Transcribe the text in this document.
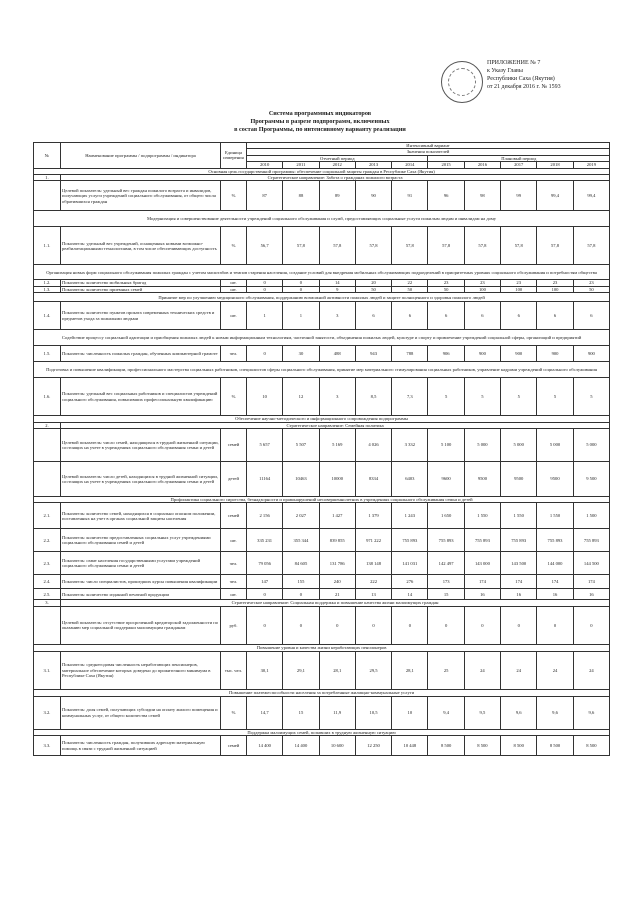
ПРИЛОЖЕНИЕ № 7
к Указу Главы
Республики Саха (Якутия)
от 21 декабря 2016 г. № 1593
Система программных индикаторов
Программы в разрезе подпрограмм, включенных
в состав Программы, по интенсивному варианту реализации
№	Наименование программы / подпрограммы / индикатора	Единица измерения	Интенсивный вариант									
			Значения показателей									
			Отчетный период					Плановый период				
			2010	2011	2012	2013	2014	2015	2016	2017	2018	2019
Основная цель государственной программы: обеспечение социальной защиты граждан в Республике Саха (Якутия)												
1.	Стратегическое направление: Забота о гражданах пожилого возраста											
	Целевой показатель: удельный вес граждан пожилого возраста и инвалидов, получающих услуги учреждений социального обслуживания, от общего числа обратившихся граждан	%	87	88	89	90	91	96	98	99	99,4	99,4
Модернизация и совершенствование деятельности учреждений социального обслуживания и служб, предоставляющих социальные услуги пожилым людям и инвалидам на дому												
1.1.	Показатель: удельный вес учреждений, оснащенных новыми возможно-реабилитационными технологиями, в том числе обеспечивающих доступность	%	56,7	57,8	57,8	57,8	57,8	57,8	57,8	57,8	57,8	57,8
Организация новых форм социального обслуживания пожилых граждан с учетом масштабов и темпов старения населения, создание условий для внедрения мобильных обслуживающих подразделений в приоритетных уровнях социального обслуживания и потребностям общества												
1.2.	Показатель: количество мобильных бригад	шт.	0	0	14	20	22	23	23	23	23	23
1.3.	Показатель: количество приемных семей	шт.	0	0	9	50	50	50	100	100	100	50
Принятие мер по улучшению медицинского обслуживания, поддержанию возможной активности пожилых людей и защите полноценного и здоровья пожилого людей												
1.4.	Показатель: количество пунктов проката современных технических средств и предметов ухода за пожилыми людьми	шт.	1	1	3	6	6	6	6	6	6	6
Содействие процессу социальной адаптации и приобщения пожилых людей к новым информационным технологиям, частичной занятости, объединения пожилых людей, культуре и спорту и привлечение учреждений социальной сферы, организаций и предприятий												
1.5.	Показатель: численность пожилых граждан, обученных компьютерной грамоте	чел.	0	30	488	943	788	906	900	900	900	900
Подготовка и повышение квалификации, профессионального мастерства социальных работников, специалистов сферы социального обслуживания, принятие мер материального стимулирования социальных работников, управление кадрами учреждений социального обслуживания												
1.6.	Показатель: удельный вес социальных работников и специалистов учреждений социального обслуживания, повысивших профессиональную квалификацию	%	10	12	3	8,5	7,3	5	5	5	5	5
Обеспечение научно-методического и информационного сопровождения подпрограммы												
2.	Стратегическое направление: Семейная политика											
	Целевой показатель: число семей, находящихся в трудной жизненной ситуации, состоящих на учете в учреждениях социального обслуживания семьи и детей	семей	5 657	5 507	5 169	4 026	3 332	5 100	5 000	5 000	5 000	5 000
	Целевой показатель: число детей, находящихся в трудной жизненной ситуации, состоящих на учете в учреждениях социального обслуживания семьи и детей	детей	11164	10463	10000	8334	6403	9600	9500	9500	9500	9 500
Профилактика социального сиротства, безнадзорности и правонарушений несовершеннолетних в учреждениях социального обслуживания семьи и детей												
2.1.	Показатель: количество семей, находящихся в социально опасном положении, поставленных на учет в органах социальной защиты населения	семей	2 156	2 027	1 427	1 379	1 243	1 650	1 550	1 550	1 550	1 500
2.2.	Показатель: количество предоставленных социальных услуг учреждениями социального обслуживания семей и детей	шт.	335 231	355 344	839 855	971 222	755 893	755 893	755 893	755 893	755 893	755 893
2.3.	Показатель: охват населения государственными услугами учреждений социального обслуживания семьи и детей	чел.	79 056	84 605	131 786	138 148	141 031	142 497	143 000	143 500	144 000	144 500
2.4.	Показатель: число специалистов, прошедших курсы повышения квалификации	чел.	147	155	240	222	276	173	174	174	174	174
2.5.	Показатель: количество изданной печатной продукции	шт.	0	0	21	13	14	15	16	16	16	16
3.	Стратегическое направление: Социальная поддержка и повышение качества жизни малоимущих граждан											
	Целевой показатель: отсутствие просроченной кредиторской задолженности по оказанию мер социальной поддержки малоимущим гражданам	руб.	0	0	0	0	0	0	0	0	0	0
Повышение уровня и качества жизни неработающих пенсионеров												
3.1.	Показатель: среднегодовая численность неработающих пенсионеров, материальное обеспечение которых доведено до прожиточного минимума в Республике Саха (Якутия)	тыс. чел.	30,1	29,1	28,1	29,5	28,1	25	24	24	24	24
Повышение платежеспособности населения за потребленные жилищно-коммунальные услуги												
3.2.	Показатель: доля семей, получающих субсидии на оплату жилого помещения и коммунальных услуг, от общего количества семей	%	14,7	15	11,9	10,5	10	9,4	9,5	9,6	9,6	9,6
Поддержка малоимущих семей, попавших в трудную жизненную ситуацию												
3.3.	Показатель: численность граждан, получивших адресную материальную помощь в связи с трудной жизненной ситуацией	семей	14 400	14 400	10 600	12 250	10 448	8 500	8 500	8 500	8 500	8 500
